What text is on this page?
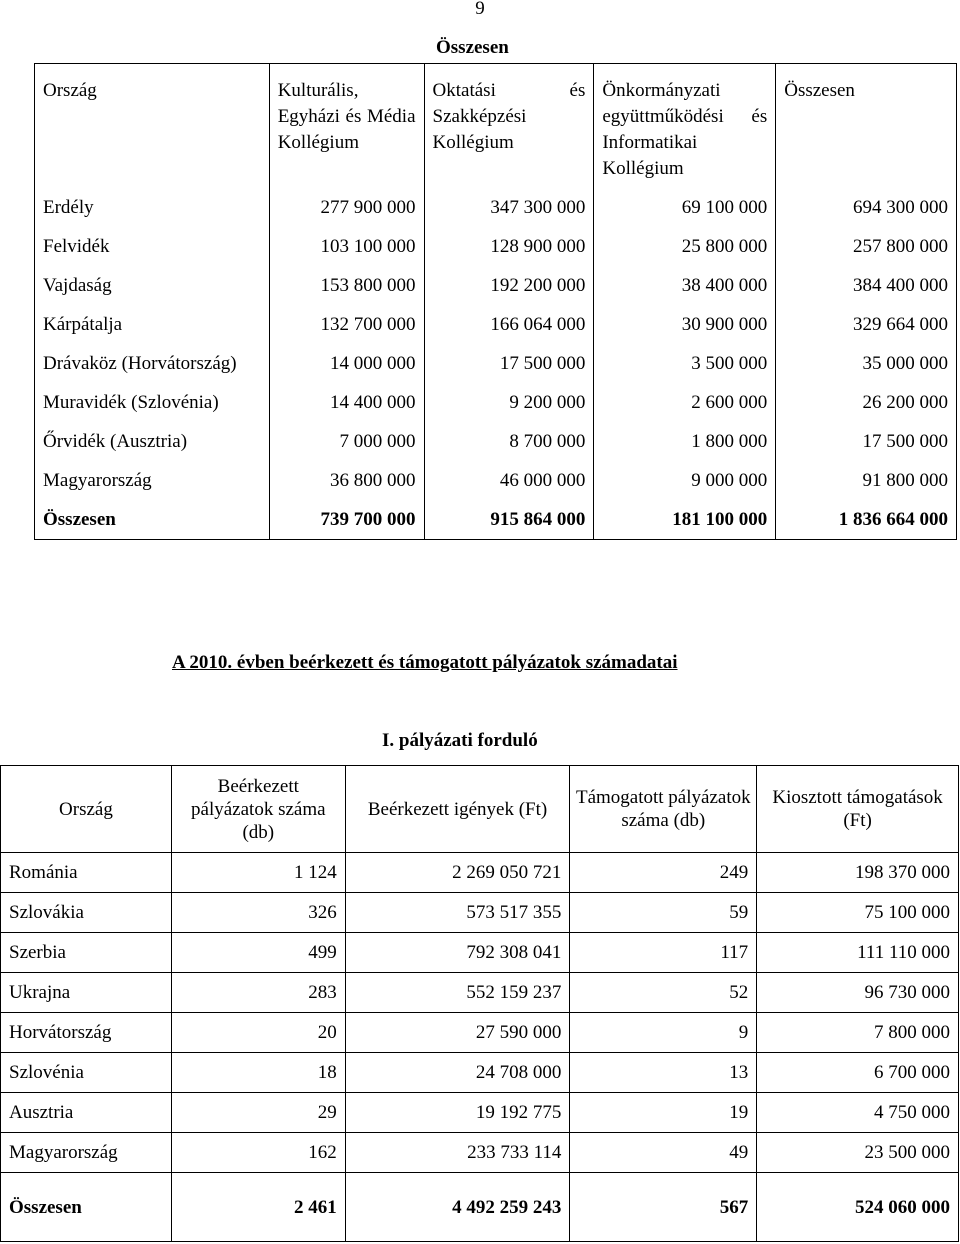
9
Összesen
Ország	Kulturális, Egyházi és Média Kollégium	Oktatási és Szakképzési Kollégium	Önkormányzati együttműködési és Informatikai Kollégium	Összesen
Erdély	277 900 000	347 300 000	69 100 000	694 300 000
Felvidék	103 100 000	128 900 000	25 800 000	257 800 000
Vajdaság	153 800 000	192 200 000	38 400 000	384 400 000
Kárpátalja	132 700 000	166 064 000	30 900 000	329 664 000
Drávaköz (Horvátország)	14 000 000	17 500 000	3 500 000	35 000 000
Muravidék (Szlovénia)	14 400 000	9 200 000	2 600 000	26 200 000
Őrvidék (Ausztria)	7 000 000	8 700 000	1 800 000	17 500 000
Magyarország	36 800 000	46 000 000	9 000 000	91 800 000
Összesen	739 700 000	915 864 000	181 100 000	1 836 664 000
A 2010. évben beérkezett és támogatott pályázatok számadatai
I. pályázati forduló
Ország	Beérkezett pályázatok száma (db)	Beérkezett igények (Ft)	Támogatott pályázatok száma (db)	Kiosztott támogatások (Ft)
Románia	1 124	2 269 050 721	249	198 370 000
Szlovákia	326	573 517 355	59	75 100 000
Szerbia	499	792 308 041	117	111 110 000
Ukrajna	283	552 159 237	52	96 730 000
Horvátország	20	27 590 000	9	7 800 000
Szlovénia	18	24 708 000	13	6 700 000
Ausztria	29	19 192 775	19	4 750 000
Magyarország	162	233 733 114	49	23 500 000
Összesen	2 461	4 492 259 243	567	524 060 000
